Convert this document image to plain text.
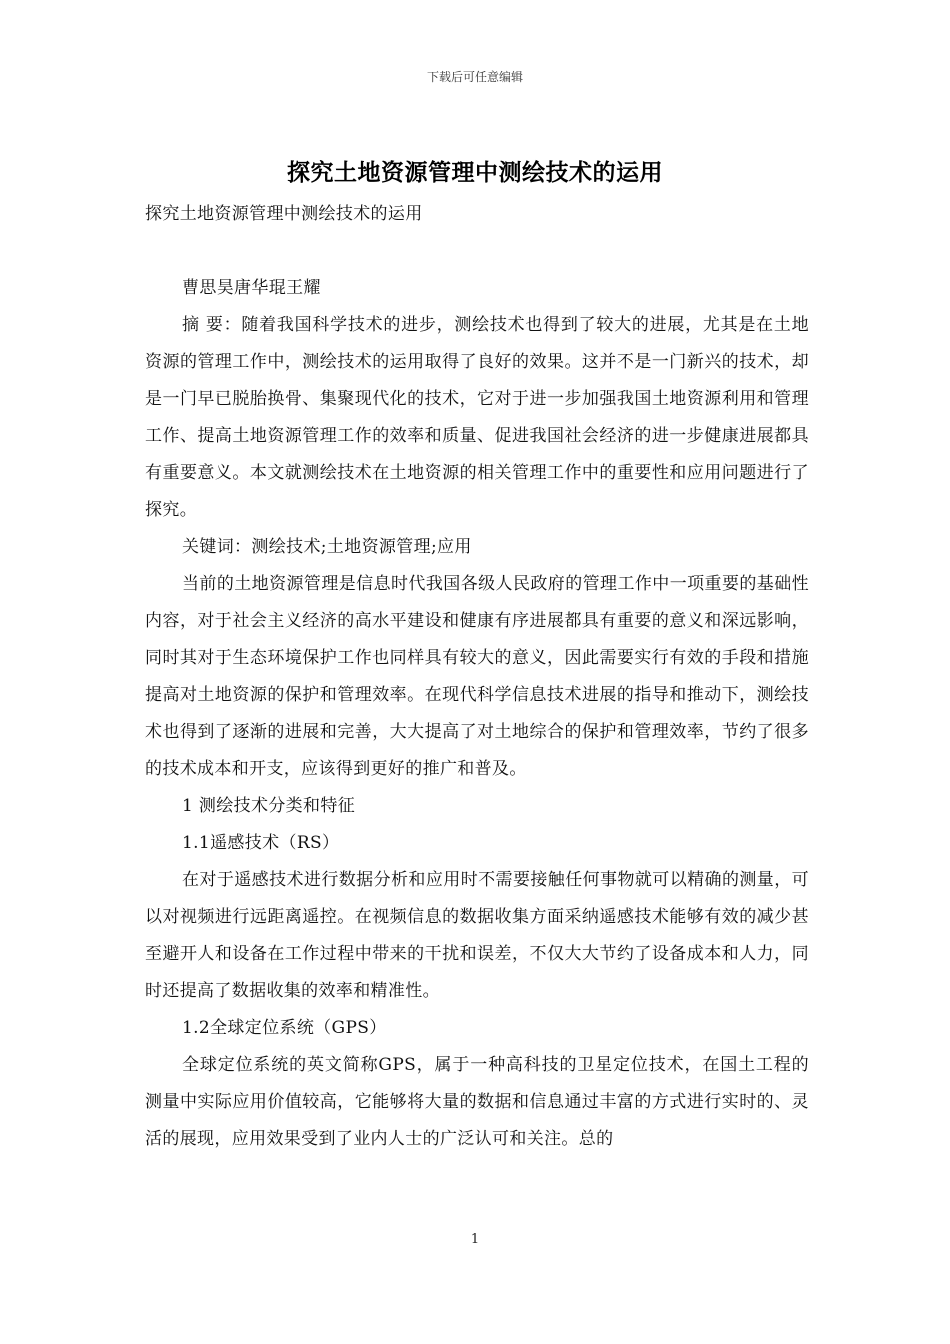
下载后可任意编辑
探究土地资源管理中测绘技术的运用

探究土地资源管理中测绘技术的运用

曹思昊唐华琨王耀

摘 要：随着我国科学技术的进步，测绘技术也得到了较大的进展，尤其是在土地资源的管理工作中，测绘技术的运用取得了良好的效果。这并不是一门新兴的技术，却是一门早已脱胎换骨、集聚现代化的技术，它对于进一步加强我国土地资源利用和管理工作、提高土地资源管理工作的效率和质量、促进我国社会经济的进一步健康进展都具有重要意义。本文就测绘技术在土地资源的相关管理工作中的重要性和应用问题进行了探究。

关键词：测绘技术;土地资源管理;应用

当前的土地资源管理是信息时代我国各级人民政府的管理工作中一项重要的基础性内容，对于社会主义经济的高水平建设和健康有序进展都具有重要的意义和深远影响，同时其对于生态环境保护工作也同样具有较大的意义，因此需要实行有效的手段和措施提高对土地资源的保护和管理效率。在现代科学信息技术进展的指导和推动下，测绘技术也得到了逐渐的进展和完善，大大提高了对土地综合的保护和管理效率，节约了很多的技术成本和开支，应该得到更好的推广和普及。

1 测绘技术分类和特征

1.1遥感技术（RS）

在对于遥感技术进行数据分析和应用时不需要接触任何事物就可以精确的测量，可以对视频进行远距离遥控。在视频信息的数据收集方面采纳遥感技术能够有效的减少甚至避开人和设备在工作过程中带来的干扰和误差，不仅大大节约了设备成本和人力，同时还提高了数据收集的效率和精准性。

1.2全球定位系统（GPS）

全球定位系统的英文简称GPS，属于一种高科技的卫星定位技术，在国土工程的测量中实际应用价值较高，它能够将大量的数据和信息通过丰富的方式进行实时的、灵活的展现，应用效果受到了业内人士的广泛认可和关注。总的

1
